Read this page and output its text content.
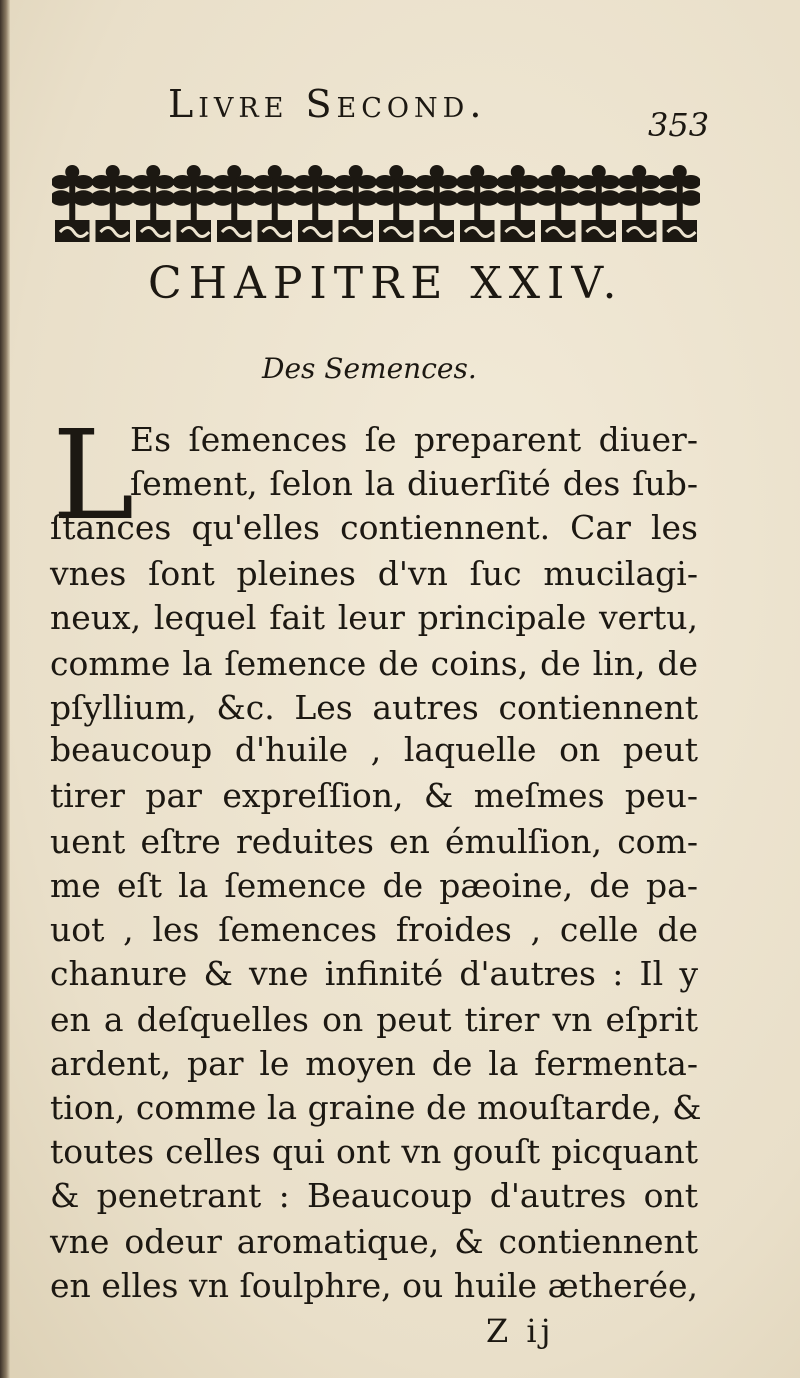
Livre Second.	353
CHAPITRE XXIV.
Des Semences.
L
Es ſemences ſe preparent diuer-
ſement, ſelon la diuerſité des ſub-
ſtances qu'elles contiennent. Car les
vnes ſont pleines d'vn ſuc mucilagi-
neux, lequel fait leur principale vertu,
comme la ſemence de coins, de lin, de
pſyllium, &c. Les autres contiennent
beaucoup d'huile , laquelle on peut
tirer par expreſſion, & meſmes peu-
uent eſtre reduites en émulſion, com-
me eſt la ſemence de pæoine, de pa-
uot , les ſemences froides , celle de
chanure & vne infinité d'autres : Il y
en a deſquelles on peut tirer vn eſprit
ardent, par le moyen de la fermenta-
tion, comme la graine de mouſtarde, &
toutes celles qui ont vn gouſt picquant
& penetrant : Beaucoup d'autres ont
vne odeur aromatique, & contiennent
en elles vn ſoulphre, ou huile ætherée,
Z ij
